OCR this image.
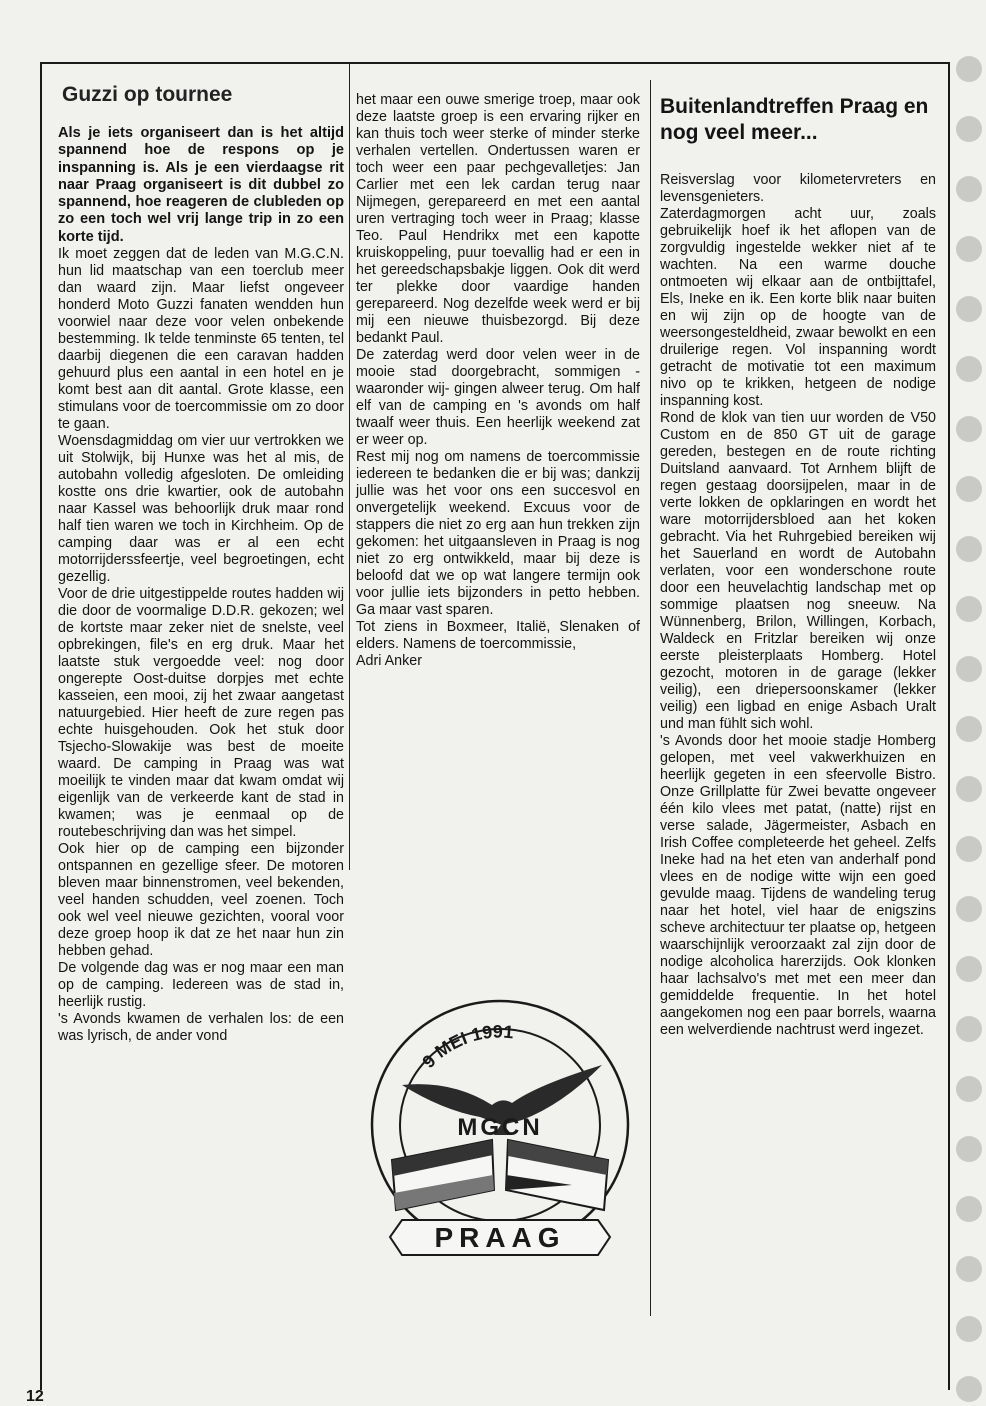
Guzzi op tournee

Als je iets organiseert dan is het altijd spannend hoe de respons op je inspanning is. Als je een vierdaagse rit naar Praag organiseert is dit dubbel zo spannend, hoe reageren de clubleden op zo een toch wel vrij lange trip in zo een korte tijd.

Ik moet zeggen dat de leden van M.G.C.N. hun lid maatschap van een toerclub meer dan waard zijn. Maar liefst ongeveer honderd Moto Guzzi fanaten wendden hun voorwiel naar deze voor velen onbekende bestemming. Ik telde tenminste 65 tenten, tel daarbij diegenen die een caravan hadden gehuurd plus een aantal in een hotel en je komt best aan dit aantal. Grote klasse, een stimulans voor de toercommissie om zo door te gaan.

Woensdagmiddag om vier uur vertrokken we uit Stolwijk, bij Hunxe was het al mis, de autobahn volledig afgesloten. De omleiding kostte ons drie kwartier, ook de autobahn naar Kassel was behoorlijk druk maar rond half tien waren we toch in Kirchheim. Op de camping daar was er al een echt motorrijderssfeertje, veel begroetingen, echt gezellig.

Voor de drie uitgestippelde routes hadden wij die door de voormalige D.D.R. gekozen; wel de kortste maar zeker niet de snelste, veel opbrekingen, file's en erg druk. Maar het laatste stuk vergoedde veel: nog door ongerepte Oost-duitse dorpjes met echte kasseien, een mooi, zij het zwaar aangetast natuurgebied. Hier heeft de zure regen pas echte huisgehouden. Ook het stuk door Tsjecho-Slowakije was best de moeite waard. De camping in Praag was wat moeilijk te vinden maar dat kwam omdat wij eigenlijk van de verkeerde kant de stad in kwamen; was je eenmaal op de routebeschrijving dan was het simpel.

Ook hier op de camping een bijzonder ontspannen en gezellige sfeer. De motoren bleven maar binnenstromen, veel bekenden, veel handen schudden, veel zoenen. Toch ook wel veel nieuwe gezichten, vooral voor deze groep hoop ik dat ze het naar hun zin hebben gehad.

De volgende dag was er nog maar een man op de camping. Iedereen was de stad in, heerlijk rustig.

's Avonds kwamen de verhalen los: de een was lyrisch, de ander vond

het maar een ouwe smerige troep, maar ook deze laatste groep is een ervaring rijker en kan thuis toch weer sterke of minder sterke verhalen vertellen. Ondertussen waren er toch weer een paar pechgevalletjes: Jan Carlier met een lek cardan terug naar Nijmegen, gerepareerd en met een aantal uren vertraging toch weer in Praag; klasse Teo. Paul Hendrikx met een kapotte kruiskoppeling, puur toevallig had er een in het gereedschapsbakje liggen. Ook dit werd ter plekke door vaardige handen gerepareerd. Nog dezelfde week werd er bij mij een nieuwe thuisbezorgd. Bij deze bedankt Paul.

De zaterdag werd door velen weer in de mooie stad doorgebracht, sommigen -waaronder wij- gingen alweer terug. Om half elf van de camping en 's avonds om half twaalf weer thuis. Een heerlijk weekend zat er weer op.

Rest mij nog om namens de toercommissie iedereen te bedanken die er bij was; dankzij jullie was het voor ons een succesvol en onvergetelijk weekend. Excuus voor de stappers die niet zo erg aan hun trekken zijn gekomen: het uitgaansleven in Praag is nog niet zo erg ontwikkeld, maar bij deze is beloofd dat we op wat langere termijn ook voor jullie iets bijzonders in petto hebben. Ga maar vast sparen.

Tot ziens in Boxmeer, Italië, Slenaken of elders. Namens de toercommissie,

Adri Anker

9 MEI 1991
MGCN
PRAAG
Buitenlandtreffen Praag en nog veel meer...

Reisverslag voor kilometervreters en levensgenieters.

Zaterdagmorgen acht uur, zoals gebruikelijk hoef ik het aflopen van de zorgvuldig ingestelde wekker niet af te wachten. Na een warme douche ontmoeten wij elkaar aan de ontbijttafel, Els, Ineke en ik. Een korte blik naar buiten en wij zijn op de hoogte van de weersongesteldheid, zwaar bewolkt en een druilerige regen. Vol inspanning wordt getracht de motivatie tot een maximum nivo op te krikken, hetgeen de nodige inspanning kost.

Rond de klok van tien uur worden de V50 Custom en de 850 GT uit de garage gereden, bestegen en de route richting Duitsland aanvaard. Tot Arnhem blijft de regen gestaag doorsijpelen, maar in de verte lokken de opklaringen en wordt het ware motorrijdersbloed aan het koken gebracht. Via het Ruhrgebied bereiken wij het Sauerland en wordt de Autobahn verlaten, voor een wonderschone route door een heuvelachtig landschap met op sommige plaatsen nog sneeuw. Na Wünnenberg, Brilon, Willingen, Korbach, Waldeck en Fritzlar bereiken wij onze eerste pleisterplaats Homberg. Hotel gezocht, motoren in de garage (lekker veilig), een driepersoonskamer (lekker veilig) een ligbad en enige Asbach Uralt und man fühlt sich wohl.

's Avonds door het mooie stadje Homberg gelopen, met veel vakwerkhuizen en heerlijk gegeten in een sfeervolle Bistro. Onze Grillplatte für Zwei bevatte ongeveer één kilo vlees met patat, (natte) rijst en verse salade, Jägermeister, Asbach en Irish Coffee completeerde het geheel. Zelfs Ineke had na het eten van anderhalf pond vlees en de nodige witte wijn een goed gevulde maag. Tijdens de wandeling terug naar het hotel, viel haar de enigszins scheve architectuur ter plaatse op, hetgeen waarschijnlijk veroorzaakt zal zijn door de nodige alcoholica harerzijds. Ook klonken haar lachsalvo's met met een meer dan gemiddelde frequentie. In het hotel aangekomen nog een paar borrels, waarna een welverdiende nachtrust werd ingezet.

12
